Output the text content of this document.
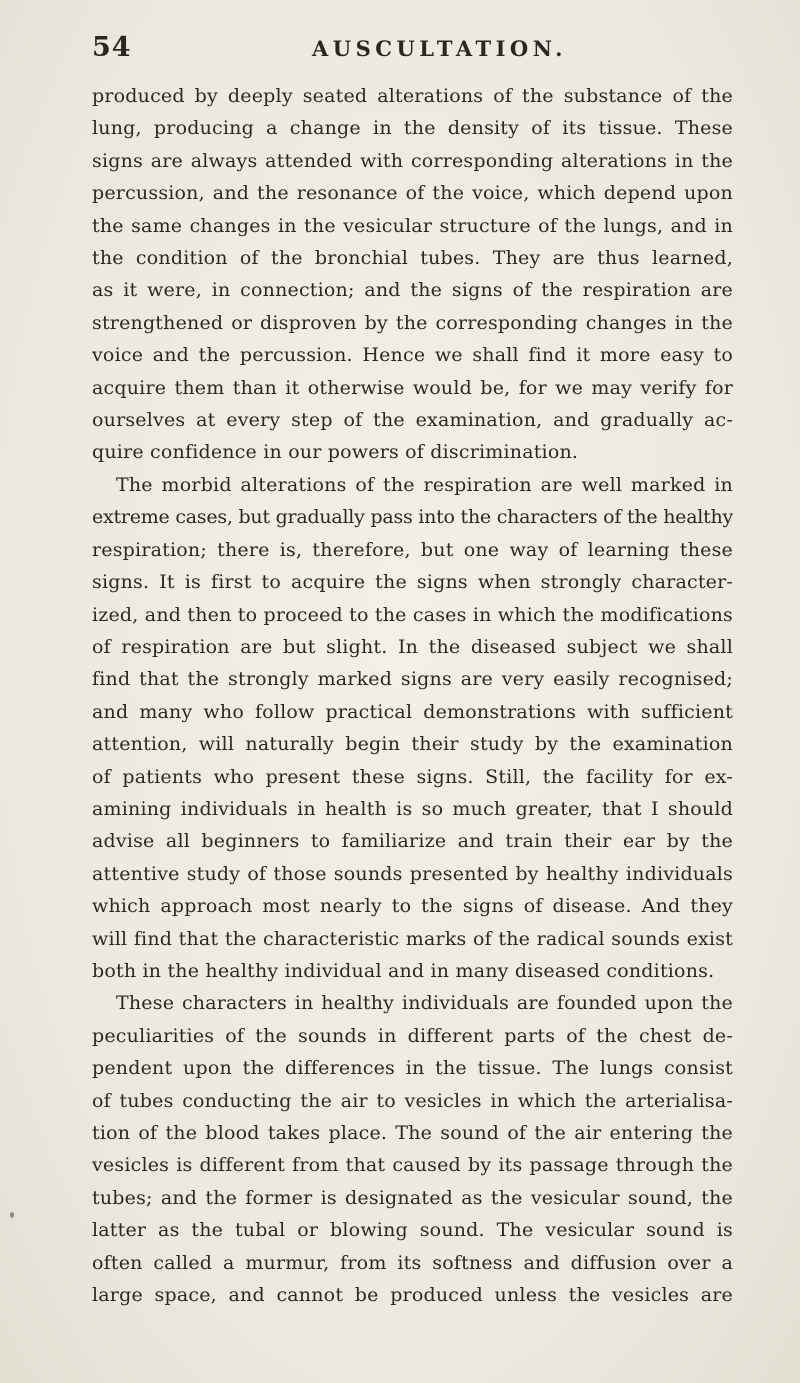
54	AUSCULTATION.
produced by deeply seated alterations of the substance of the
lung, producing a change in the density of its tissue. These
signs are always attended with corresponding alterations in the
percussion, and the resonance of the voice, which depend upon
the same changes in the vesicular structure of the lungs, and in
the condition of the bronchial tubes. They are thus learned,
as it were, in connection; and the signs of the respiration are
strengthened or disproven by the corresponding changes in the
voice and the percussion. Hence we shall find it more easy to
acquire them than it otherwise would be, for we may verify for
ourselves at every step of the examination, and gradually ac-
quire confidence in our powers of discrimination.
The morbid alterations of the respiration are well marked in
extreme cases, but gradually pass into the characters of the healthy
respiration; there is, therefore, but one way of learning these
signs. It is first to acquire the signs when strongly character-
ized, and then to proceed to the cases in which the modifications
of respiration are but slight. In the diseased subject we shall
find that the strongly marked signs are very easily recognised;
and many who follow practical demonstrations with sufficient
attention, will naturally begin their study by the examination
of patients who present these signs. Still, the facility for ex-
amining individuals in health is so much greater, that I should
advise all beginners to familiarize and train their ear by the
attentive study of those sounds presented by healthy individuals
which approach most nearly to the signs of disease. And they
will find that the characteristic marks of the radical sounds exist
both in the healthy individual and in many diseased conditions.
These characters in healthy individuals are founded upon the
peculiarities of the sounds in different parts of the chest de-
pendent upon the differences in the tissue. The lungs consist
of tubes conducting the air to vesicles in which the arterialisa-
tion of the blood takes place. The sound of the air entering the
vesicles is different from that caused by its passage through the
tubes; and the former is designated as the vesicular sound, the
latter as the tubal or blowing sound. The vesicular sound is
often called a murmur, from its softness and diffusion over a
large space, and cannot be produced unless the vesicles are
